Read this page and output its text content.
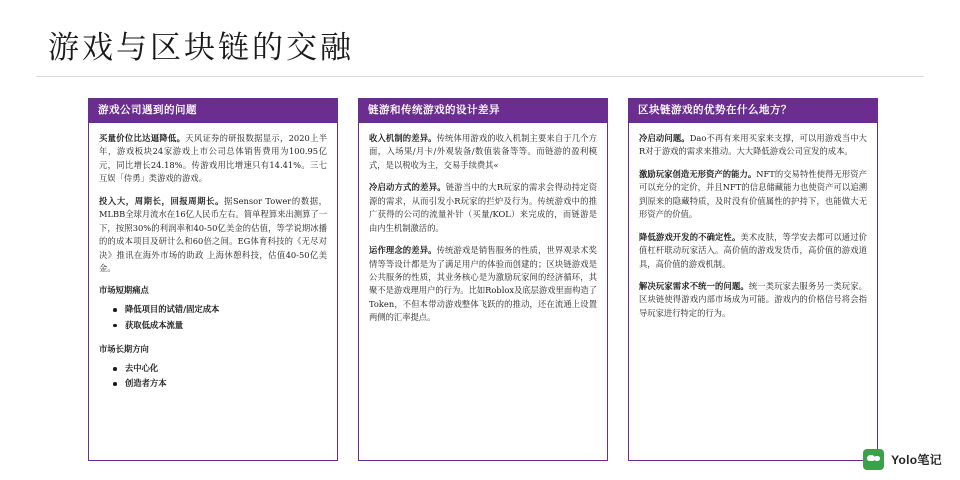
游戏与区块链的交融
游戏公司遇到的问题

买量价位比达逼降低。天风证券的研报数据显示，2020上半年，游戏板块24家游戏上市公司总体销售费用为100.95亿元，同比增长24.18%。传游戏用比增速只有14.41%。三七互娱「侍勇」类游戏的游戏。

投入大，周期长，回报周期长。据Sensor Tower的数据，MLBB全球月流水在16亿人民币左右。简单程算来出测算了一下，按照30%的利润率和40-50亿美金的估值，等学说期冰播的的成本项目及研计么和60倍之间。EG体育科技的《无尽对决》推讯在海外市场的助政 上海休憩科技，估值40-50亿美金。

市场短期痛点
降低项目的试错/固定成本
获取低成本流量
市场长期方向
去中心化
创造者方本
链游和传统游戏的设计差异

收入机制的差异。传统体用游戏的收入机制主要来自于几个方面，入场果/月卡/外观装备/数值装备等等。而链游的盈利模式，是以税收为主，交易手续费其«

冷启动方式的差异。链游当中的大R玩家的需求会得动持定资源的需求，从而引发小R玩家的拦炉及行为。传统游戏中的推广获得的公司的流量补针（买量/KOL）来完成的，而链游是由内生机制激活的。

运作理念的差异。传统游戏是销售服务的性质，世界观录术奖情等等设计都是为了满足用户的体验而创建的；区块链游戏是公共服务的性质，其业务核心是为激励玩家间的经济循环，其聚不是游戏理用户的行为。比如Roblox及底层游戏里面构造了Token，不但本带动游戏整体飞跃的的推动，还在流通上设置两侧的汇率提点。

区块链游戏的优势在什么地方？

冷启动问题。Dao不再有来用买家来支撑，可以用游戏当中大R对于游戏的需求来推动。大大降低游戏公司宣发的成本。

激励玩家创造无形资产的能力。NFT的交易特性使得无形资产可以充分的定价，并且NFT的信息储藏能力也使资产可以追溯到原来的隐藏特质，及时没有价值属性的护持下，也能做大无形资产的价值。

降低游戏开发的不确定性。美术皮肤，等学安去都可以通过价值杠杆联动玩家活入。高价值的游戏发货币，高价值的游戏道具，高价值的游戏机制。

解决玩家需求不统一的问题。统一类玩家去服务另一类玩家。区块链使得游戏内部市场成为可能。游戏内的价格信号将会指导玩家进行特定的行为。

Yolo笔记
